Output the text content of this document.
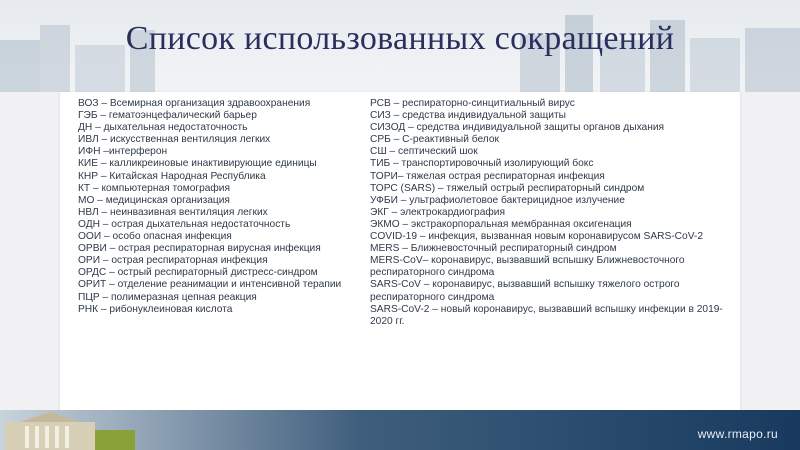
Список использованных сокращений
ВОЗ – Всемирная организация здравоохранения
ГЭБ – гематоэнцефалический барьер
ДН – дыхательная недостаточность
ИВЛ – искусственная вентиляция легких
ИФН –интерферон
КИЕ – калликреиновые инактивирующие единицы
КНР – Китайская Народная Республика
КТ – компьютерная томография
МО – медицинская организация
НВЛ – неинвазивная вентиляция легких
ОДН – острая дыхательная недостаточность
ООИ – особо опасная инфекция
ОРВИ – острая респираторная вирусная инфекция
ОРИ – острая респираторная инфекция
ОРДС – острый респираторный дистресс-синдром
ОРИТ – отделение реанимации и интенсивной терапии
ПЦР – полимеразная цепная реакция
РНК – рибонуклеиновая кислота
РСВ – респираторно-синцитиальный вирус
СИЗ – средства индивидуальной защиты
СИЗОД – средства индивидуальной защиты органов дыхания
СРБ – С-реактивный белок
СШ – септический шок
ТИБ – транспортировочный изолирующий бокс
ТОРИ– тяжелая острая респираторная инфекция
ТОРС (SARS) – тяжелый острый респираторный синдром
УФБИ – ультрафиолетовое бактерицидное излучение
ЭКГ – электрокардиография
ЭКМО – экстракорпоральная мембранная оксигенация
COVID-19 – инфекция, вызванная новым коронавирусом SARS-CoV-2
MERS – Ближневосточный респираторный синдром
MERS-CoV– коронавирус, вызвавший вспышку Ближневосточного респираторного синдрома
SARS-CoV – коронавирус, вызвавший вспышку тяжелого острого респираторного синдрома
SARS-CoV-2 – новый коронавирус, вызвавший вспышку инфекции в 2019-2020 гг.
www.rmapo.ru
